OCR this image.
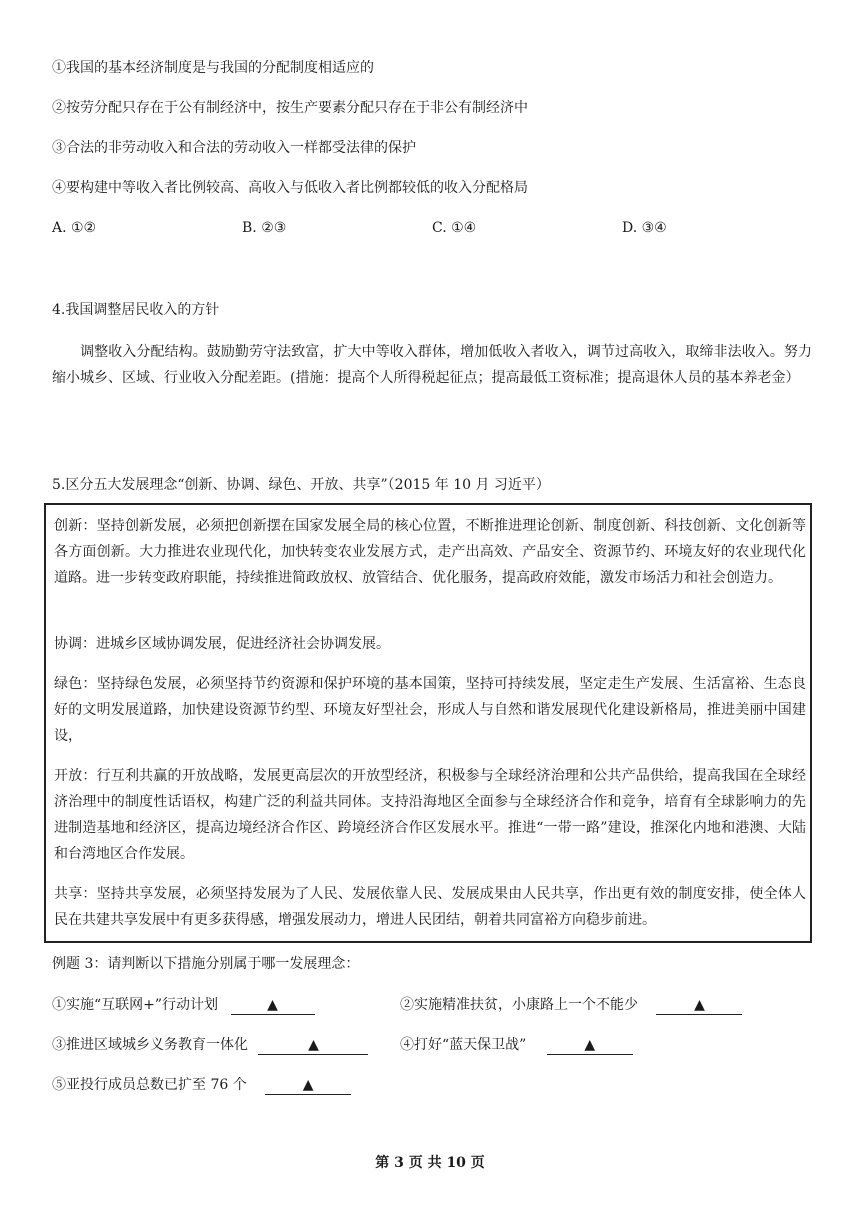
①我国的基本经济制度是与我国的分配制度相适应的
②按劳分配只存在于公有制经济中，按生产要素分配只存在于非公有制经济中
③合法的非劳动收入和合法的劳动收入一样都受法律的保护
④要构建中等收入者比例较高、高收入与低收入者比例都较低的收入分配格局
A. ①②	B. ②③	C. ①④	D. ③④
4.我国调整居民收入的方针
调整收入分配结构。鼓励勤劳守法致富，扩大中等收入群体，增加低收入者收入，调节过高收入，取缔非法收入。努力缩小城乡、区域、行业收入分配差距。(措施：提高个人所得税起征点；提高最低工资标准；提高退休人员的基本养老金）
5.区分五大发展理念“创新、协调、绿色、开放、共享”（2015 年 10 月 习近平）

创新：坚持创新发展，必须把创新摆在国家发展全局的核心位置，不断推进理论创新、制度创新、科技创新、文化创新等各方面创新。大力推进农业现代化，加快转变农业发展方式，走产出高效、产品安全、资源节约、环境友好的农业现代化道路。进一步转变政府职能，持续推进简政放权、放管结合、优化服务，提高政府效能，激发市场活力和社会创造力。

协调：进城乡区域协调发展，促进经济社会协调发展。

绿色：坚持绿色发展，必须坚持节约资源和保护环境的基本国策，坚持可持续发展，坚定走生产发展、生活富裕、生态良好的文明发展道路，加快建设资源节约型、环境友好型社会，形成人与自然和谐发展现代化建设新格局，推进美丽中国建设，

开放：行互利共赢的开放战略，发展更高层次的开放型经济，积极参与全球经济治理和公共产品供给，提高我国在全球经济治理中的制度性话语权，构建广泛的利益共同体。支持沿海地区全面参与全球经济合作和竞争，培育有全球影响力的先进制造基地和经济区，提高边境经济合作区、跨境经济合作区发展水平。推进“一带一路”建设，推深化内地和港澳、大陆和台湾地区合作发展。

共享：坚持共享发展，必须坚持发展为了人民、发展依靠人民、发展成果由人民共享，作出更有效的制度安排，使全体人民在共建共享发展中有更多获得感，增强发展动力，增进人民团结，朝着共同富裕方向稳步前进。

例题 3：请判断以下措施分别属于哪一发展理念：
①实施“互联网+”行动计划	▲	②实施精准扶贫，小康路上一个不能少	▲
③推进区域城乡义务教育一体化	▲	④打好“蓝天保卫战”	▲
⑤亚投行成员总数已扩至 76 个	▲
第 3 页 共 10 页
